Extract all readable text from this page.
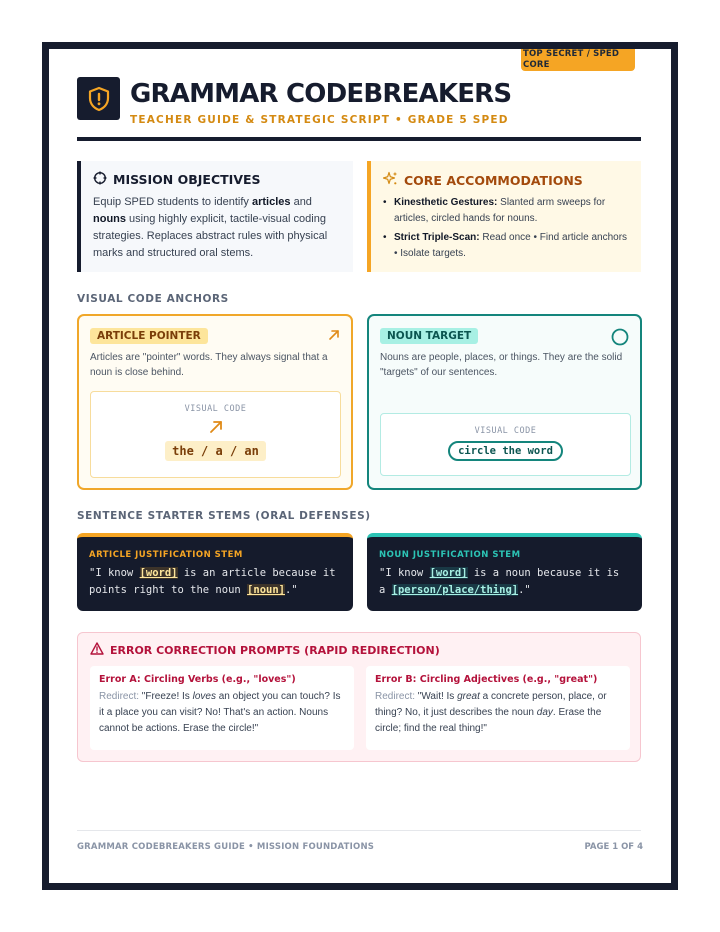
TOP SECRET / SPED CORE
GRAMMAR CODEBREAKERS
TEACHER GUIDE & STRATEGIC SCRIPT • GRADE 5 SPED
MISSION OBJECTIVES

Equip SPED students to identify articles and nouns using highly explicit, tactile-visual coding strategies. Replaces abstract rules with physical marks and structured oral stems.

CORE ACCOMMODATIONS
• Kinesthetic Gestures: Slanted arm sweeps for articles, circled hands for nouns.
• Strict Triple-Scan: Read once • Find article anchors • Isolate targets.
VISUAL CODE ANCHORS
ARTICLE POINTER

Articles are "pointer" words. They always signal that a noun is close behind.

VISUAL CODE
the / a / an
NOUN TARGET

Nouns are people, places, or things. They are the solid "targets" of our sentences.

VISUAL CODE
circle the word
SENTENCE STARTER STEMS (ORAL DEFENSES)
ARTICLE JUSTIFICATION STEM

"I know [word] is an article because it points right to the noun [noun]."

NOUN JUSTIFICATION STEM

"I know [word] is a noun because it is a [person/place/thing]."

ERROR CORRECTION PROMPTS (RAPID REDIRECTION)
Error A: Circling Verbs (e.g., "loves")

Redirect: "Freeze! Is loves an object you can touch? Is it a place you can visit? No! That's an action. Nouns cannot be actions. Erase the circle!"

Error B: Circling Adjectives (e.g., "great")

Redirect: "Wait! Is great a concrete person, place, or thing? No, it just describes the noun day. Erase the circle; find the real thing!"

GRAMMAR CODEBREAKERS GUIDE • MISSION FOUNDATIONS	PAGE 1 OF 4
